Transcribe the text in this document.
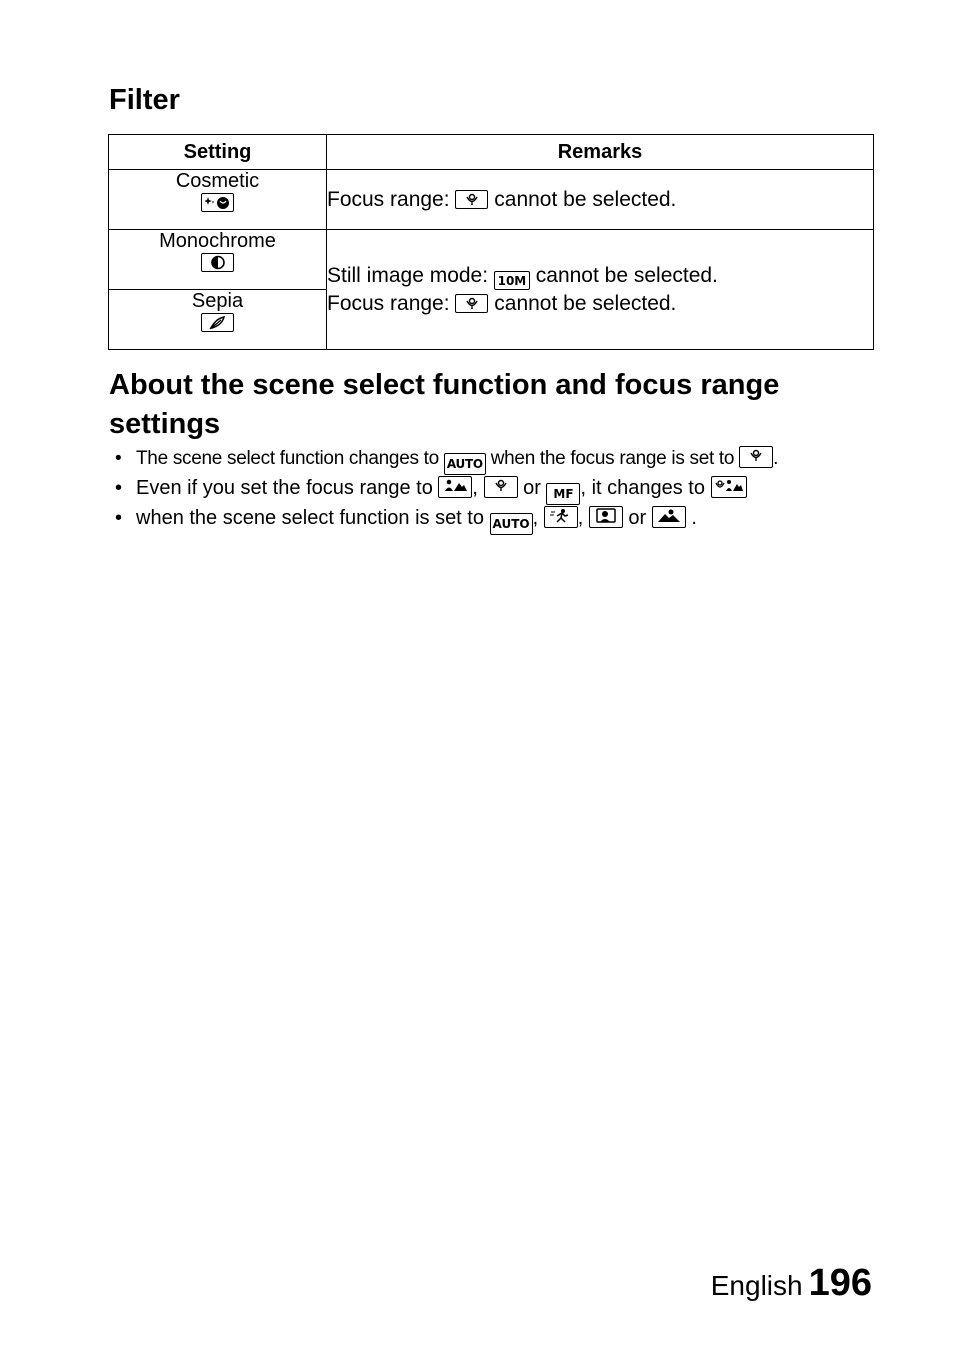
Filter
Setting	Remarks

Cosmetic	Focus range: cannot be selected.

Monochrome	Still image mode: 10M cannot be selected.
Focus range: cannot be selected.

Sepia	
About the scene select function and focus range settings
• The scene select function changes to AUTO when the focus range is set to .
• Even if you set the focus range to , or MF , it changes to
• when the scene select function is set to AUTO , , or .
English 196
